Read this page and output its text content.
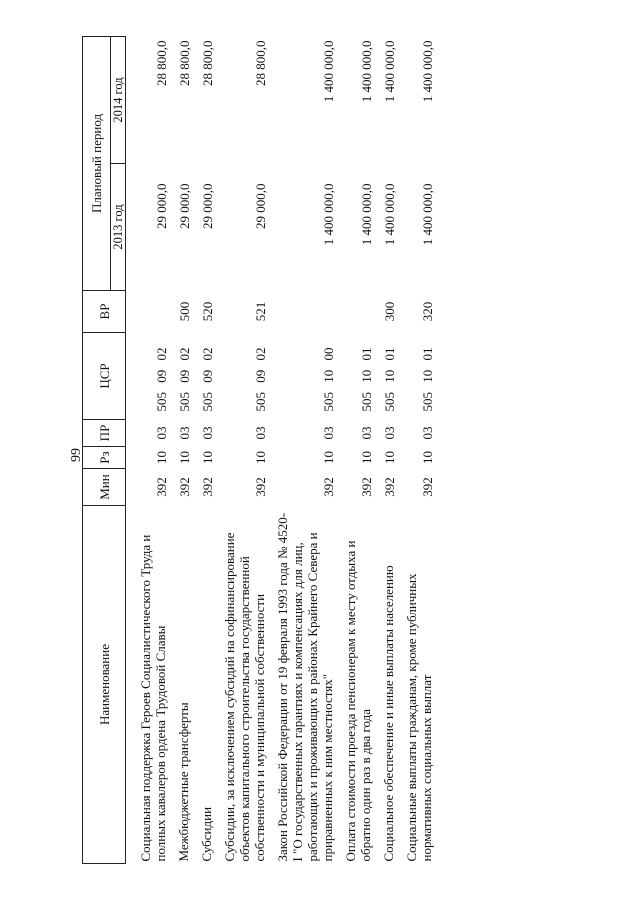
99
Наименование	Мин	Рз	ПР	ЦСР	ВР	Плановый период	
						2013 год	2014 год
Социальная поддержка Героев Социалистического Труда и полных кавалеров ордена Трудовой Славы	392	10	03	505 09 02		29 000,0	28 800,0
Межбюджетные трансферты	392	10	03	505 09 02	500	29 000,0	28 800,0
Субсидии	392	10	03	505 09 02	520	29 000,0	28 800,0
Субсидии, за исключением субсидий на софинансирование объектов капитального строительства государственной собственности и муниципальной собственности	392	10	03	505 09 02	521	29 000,0	28 800,0
Закон Российской Федерации от 19 февраля 1993 года № 4520-I "О государственных гарантиях и компенсациях для лиц, работающих и проживающих в районах Крайнего Севера и приравненных к ним местностях"	392	10	03	505 10 00		1 400 000,0	1 400 000,0
Оплата стоимости проезда пенсионерам к месту отдыха и обратно один раз в два года	392	10	03	505 10 01		1 400 000,0	1 400 000,0
Социальное обеспечение и иные выплаты населению	392	10	03	505 10 01	300	1 400 000,0	1 400 000,0
Социальные выплаты гражданам, кроме публичных нормативных социальных выплат	392	10	03	505 10 01	320	1 400 000,0	1 400 000,0
